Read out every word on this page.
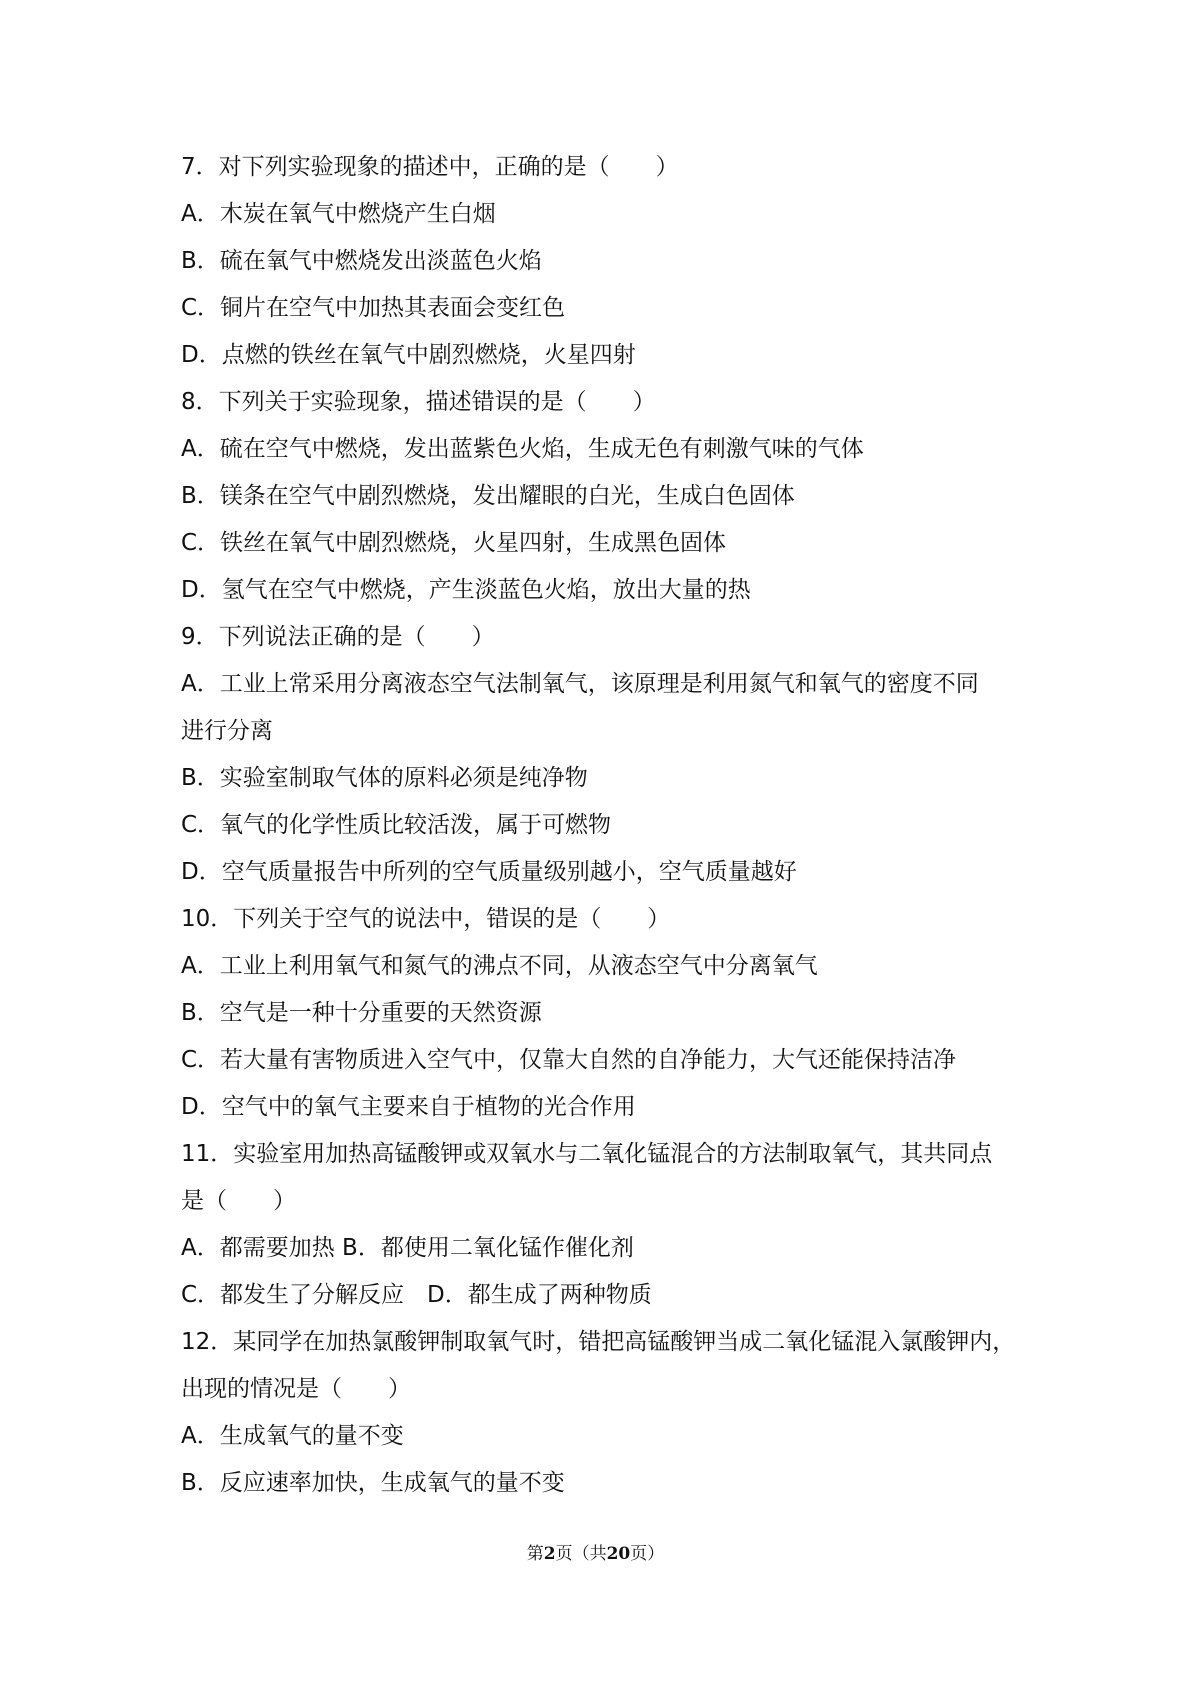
7．对下列实验现象的描述中，正确的是（　　）
A．木炭在氧气中燃烧产生白烟
B．硫在氧气中燃烧发出淡蓝色火焰
C．铜片在空气中加热其表面会变红色
D．点燃的铁丝在氧气中剧烈燃烧，火星四射
8．下列关于实验现象，描述错误的是（　　）
A．硫在空气中燃烧，发出蓝紫色火焰，生成无色有刺激气味的气体
B．镁条在空气中剧烈燃烧，发出耀眼的白光，生成白色固体
C．铁丝在氧气中剧烈燃烧，火星四射，生成黑色固体
D．氢气在空气中燃烧，产生淡蓝色火焰，放出大量的热
9．下列说法正确的是（　　）
A．工业上常采用分离液态空气法制氧气，该原理是利用氮气和氧气的密度不同
进行分离
B．实验室制取气体的原料必须是纯净物
C．氧气的化学性质比较活泼，属于可燃物
D．空气质量报告中所列的空气质量级别越小，空气质量越好
10．下列关于空气的说法中，错误的是（　　）
A．工业上利用氧气和氮气的沸点不同，从液态空气中分离氧气
B．空气是一种十分重要的天然资源
C．若大量有害物质进入空气中，仅靠大自然的自净能力，大气还能保持洁净
D．空气中的氧气主要来自于植物的光合作用
11．实验室用加热高锰酸钾或双氧水与二氧化锰混合的方法制取氧气，其共同点
是（　　）
A．都需要加热 B．都使用二氧化锰作催化剂
C．都发生了分解反应　D．都生成了两种物质
12．某同学在加热氯酸钾制取氧气时，错把高锰酸钾当成二氧化锰混入氯酸钾内，
出现的情况是（　　）
A．生成氧气的量不变
B．反应速率加快，生成氧气的量不变
第2页（共20页）
